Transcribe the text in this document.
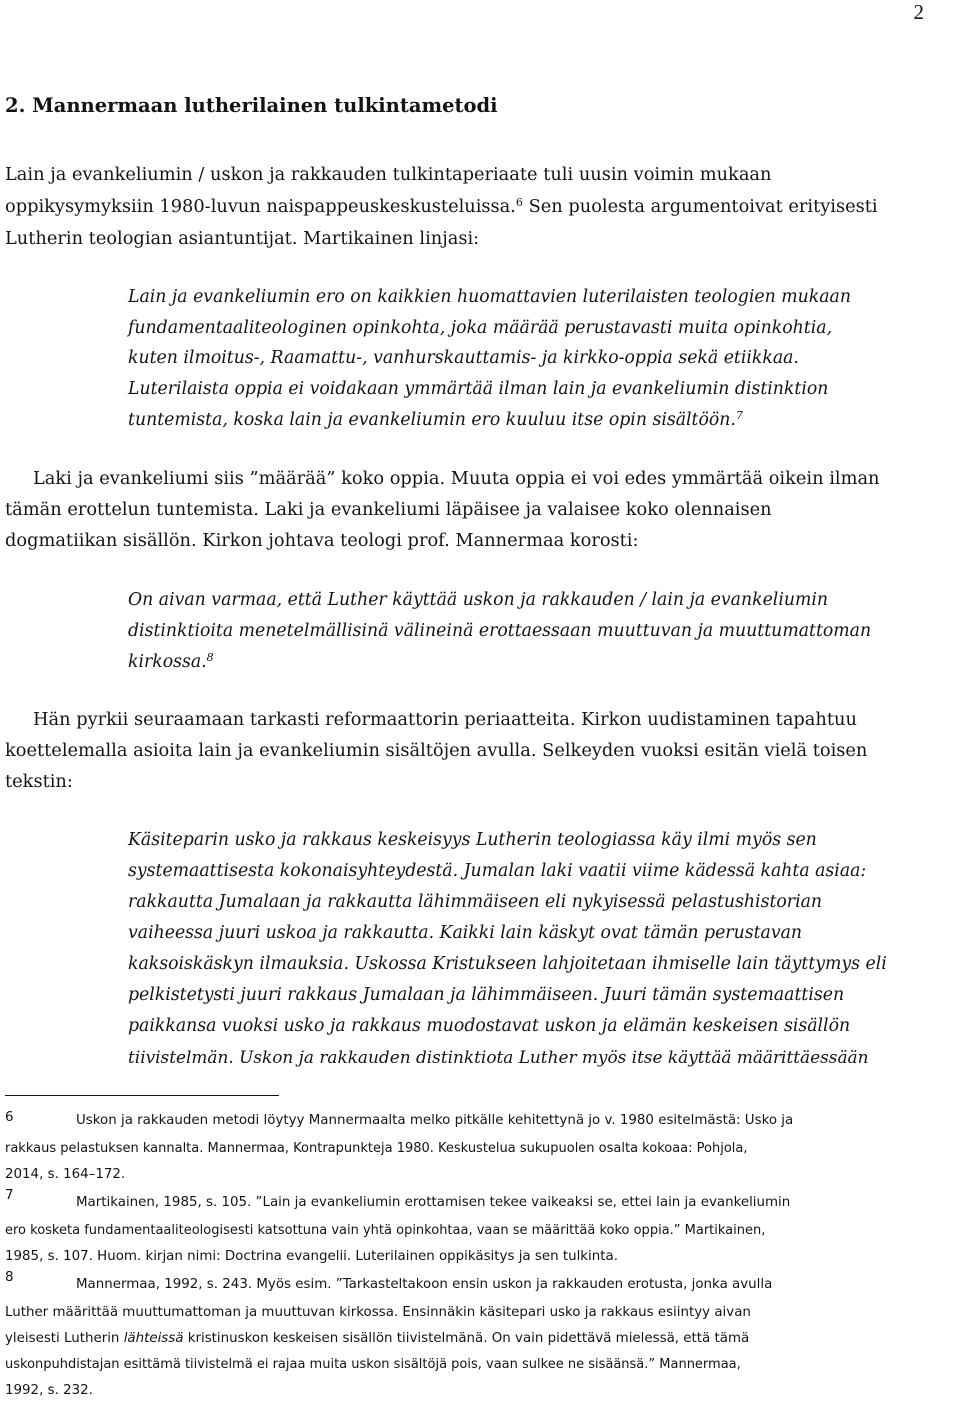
2
2. Mannermaan lutherilainen tulkintametodi
Lain ja evankeliumin / uskon ja rakkauden tulkintaperiaate tuli uusin voimin mukaan
oppikysymyksiin 1980-luvun naispappeuskeskusteluissa.$^6$ Sen puolesta argumentoivat erityisesti
Lutherin teologian asiantuntijat. Martikainen linjasi:
Lain ja evankeliumin ero on kaikkien huomattavien luterilaisten teologien mukaan
fundamentaaliteologinen opinkohta, joka määrää perustavasti muita opinkohtia,
kuten ilmoitus-, Raamattu-, vanhurskauttamis- ja kirkko-oppia sekä etiikkaa.
Luterilaista oppia ei voidakaan ymmärtää ilman lain ja evankeliumin distinktion
tuntemista, koska lain ja evankeliumin ero kuuluu itse opin sisältöön.$^7$
Laki ja evankeliumi siis ”määrää” koko oppia. Muuta oppia ei voi edes ymmärtää oikein ilman
tämän erottelun tuntemista. Laki ja evankeliumi läpäisee ja valaisee koko olennaisen
dogmatiikan sisällön. Kirkon johtava teologi prof. Mannermaa korosti:
On aivan varmaa, että Luther käyttää uskon ja rakkauden / lain ja evankeliumin
distinktioita menetelmällisinä välineinä erottaessaan muuttuvan ja muuttumattoman
kirkossa.$^8$
Hän pyrkii seuraamaan tarkasti reformaattorin periaatteita. Kirkon uudistaminen tapahtuu
koettelemalla asioita lain ja evankeliumin sisältöjen avulla. Selkeyden vuoksi esitän vielä toisen
tekstin:
Käsiteparin usko ja rakkaus keskeisyys Lutherin teologiassa käy ilmi myös sen
systemaattisesta kokonaisyhteydestä. Jumalan laki vaatii viime kädessä kahta asiaa:
rakkautta Jumalaan ja rakkautta lähimmäiseen eli nykyisessä pelastushistorian
vaiheessa juuri uskoa ja rakkautta. Kaikki lain käskyt ovat tämän perustavan
kaksoiskäskyn ilmauksia. Uskossa Kristukseen lahjoitetaan ihmiselle lain täyttymys eli
pelkistetysti juuri rakkaus Jumalaan ja lähimmäiseen. Juuri tämän systemaattisen
paikkansa vuoksi usko ja rakkaus muodostavat uskon ja elämän keskeisen sisällön
tiivistelmän. Uskon ja rakkauden distinktiota Luther myös itse käyttää määrittäessään
6	Uskon ja rakkauden metodi löytyy Mannermaalta melko pitkälle kehitettynä jo v. 1980 esitelmästä: Usko ja
rakkaus pelastuksen kannalta. Mannermaa, Kontrapunkteja 1980. Keskustelua sukupuolen osalta kokoaa: Pohjola,
2014, s. 164–172.
7	Martikainen, 1985, s. 105. ”Lain ja evankeliumin erottamisen tekee vaikeaksi se, ettei lain ja evankeliumin
ero kosketa fundamentaaliteologisesti katsottuna vain yhtä opinkohtaa, vaan se määrittää koko oppia.” Martikainen,
1985, s. 107. Huom. kirjan nimi: Doctrina evangelii. Luterilainen oppikäsitys ja sen tulkinta.
8	Mannermaa, 1992, s. 243. Myös esim. ”Tarkasteltakoon ensin uskon ja rakkauden erotusta, jonka avulla
Luther määrittää muuttumattoman ja muuttuvan kirkossa. Ensinnäkin käsitepari usko ja rakkaus esiintyy aivan
yleisesti Lutherin lähteissä kristinuskon keskeisen sisällön tiivistelmänä. On vain pidettävä mielessä, että tämä
uskonpuhdistajan esittämä tiivistelmä ei rajaa muita uskon sisältöjä pois, vaan sulkee ne sisäänsä.” Mannermaa,
1992, s. 232.
